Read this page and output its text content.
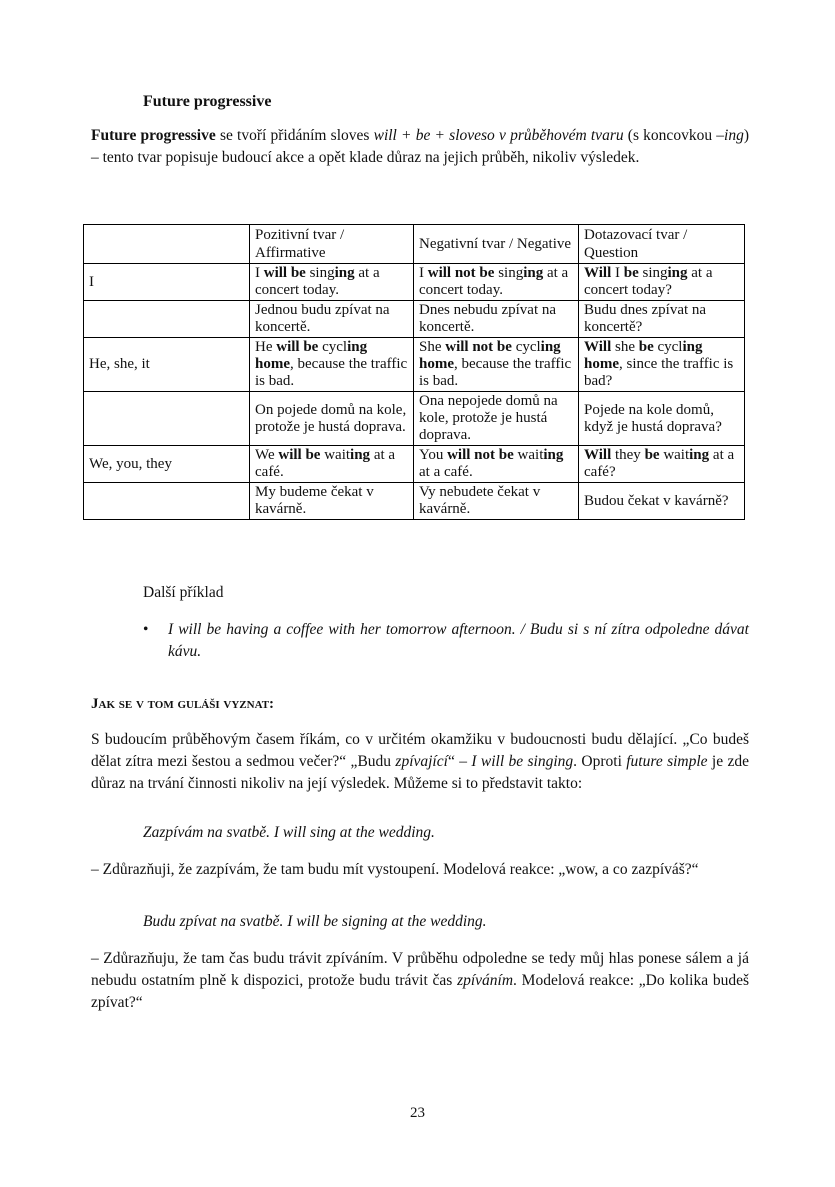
Future progressive
Future progressive se tvoří přidáním sloves will + be + sloveso v průběhovém tvaru (s koncovkou –ing) – tento tvar popisuje budoucí akce a opět klade důraz na jejich průběh, nikoliv výsledek.
	Pozitivní tvar / Affirmative	Negativní tvar / Negative	Dotazovací tvar / Question
I	I will be singing at a concert today.	I will not be singing at a concert today.	Will I be singing at a concert today?
	Jednou budu zpívat na koncertě.	Dnes nebudu zpívat na koncertě.	Budu dnes zpívat na koncertě?
He, she, it	He will be cycling home, because the traffic is bad.	She will not be cycling home, because the traffic is bad.	Will she be cycling home, since the traffic is bad?
	On pojede domů na kole, protože je hustá doprava.	Ona nepojede domů na kole, protože je hustá doprava.	Pojede na kole domů, když je hustá doprava?
We, you, they	We will be waiting at a café.	You will not be waiting at a café.	Will they be waiting at a café?
	My budeme čekat v kavárně.	Vy nebudete čekat v kavárně.	Budou čekat v kavárně?
Další příklad
• I will be having a coffee with her tomorrow afternoon. / Budu si s ní zítra odpoledne dávat kávu.
Jak se v tom guláši vyznat:
S budoucím průběhovým časem říkám, co v určitém okamžiku v budoucnosti budu dělající. „Co budeš dělat zítra mezi šestou a sedmou večer?“ „Budu zpívající“ – I will be singing. Oproti future simple je zde důraz na trvání činnosti nikoliv na její výsledek. Můžeme si to představit takto:
Zazpívám na svatbě. I will sing at the wedding.
– Zdůrazňuji, že zazpívám, že tam budu mít vystoupení. Modelová reakce: „wow, a co zazpíváš?“
Budu zpívat na svatbě. I will be signing at the wedding.
– Zdůrazňuju, že tam čas budu trávit zpíváním. V průběhu odpoledne se tedy můj hlas ponese sálem a já nebudu ostatním plně k dispozici, protože budu trávit čas zpíváním. Modelová reakce: „Do kolika budeš zpívat?“
23
